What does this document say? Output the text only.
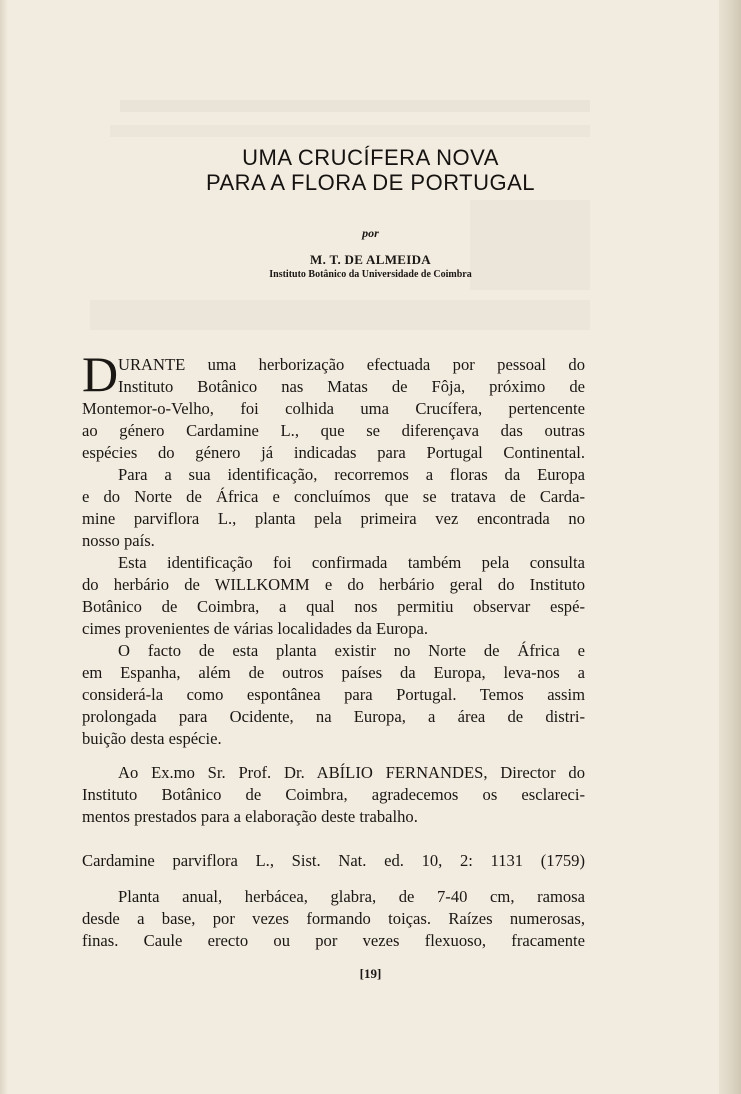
UMA CRUCÍFERA NOVA
PARA A FLORA DE PORTUGAL
por
M. T. DE ALMEIDA
Instituto Botânico da Universidade de Coimbra
D URANTE uma herborização efectuada por pessoal do
Instituto Botânico nas Matas de Fôja, próximo de
Montemor-o-Velho, foi colhida uma Crucífera, pertencente
ao género Cardamine L., que se diferençava das outras
espécies do género já indicadas para Portugal Continental.
Para a sua identificação, recorremos a floras da Europa
e do Norte de África e concluímos que se tratava de Carda-
mine parviflora L., planta pela primeira vez encontrada no
nosso país.
Esta identificação foi confirmada também pela consulta
do herbário de WILLKOMM e do herbário geral do Instituto
Botânico de Coimbra, a qual nos permitiu observar espé-
cimes provenientes de várias localidades da Europa.
O facto de esta planta existir no Norte de África e
em Espanha, além de outros países da Europa, leva-nos a
considerá-la como espontânea para Portugal. Temos assim
prolongada para Ocidente, na Europa, a área de distri-
buição desta espécie.
Ao Ex.mo Sr. Prof. Dr. ABÍLIO FERNANDES, Director do
Instituto Botânico de Coimbra, agradecemos os esclareci-
mentos prestados para a elaboração deste trabalho.
Cardamine parviflora L., Sist. Nat. ed. 10, 2: 1131 (1759)
Planta anual, herbácea, glabra, de 7-40 cm, ramosa
desde a base, por vezes formando toiças. Raízes numerosas,
finas. Caule erecto ou por vezes flexuoso, fracamente
[19]
